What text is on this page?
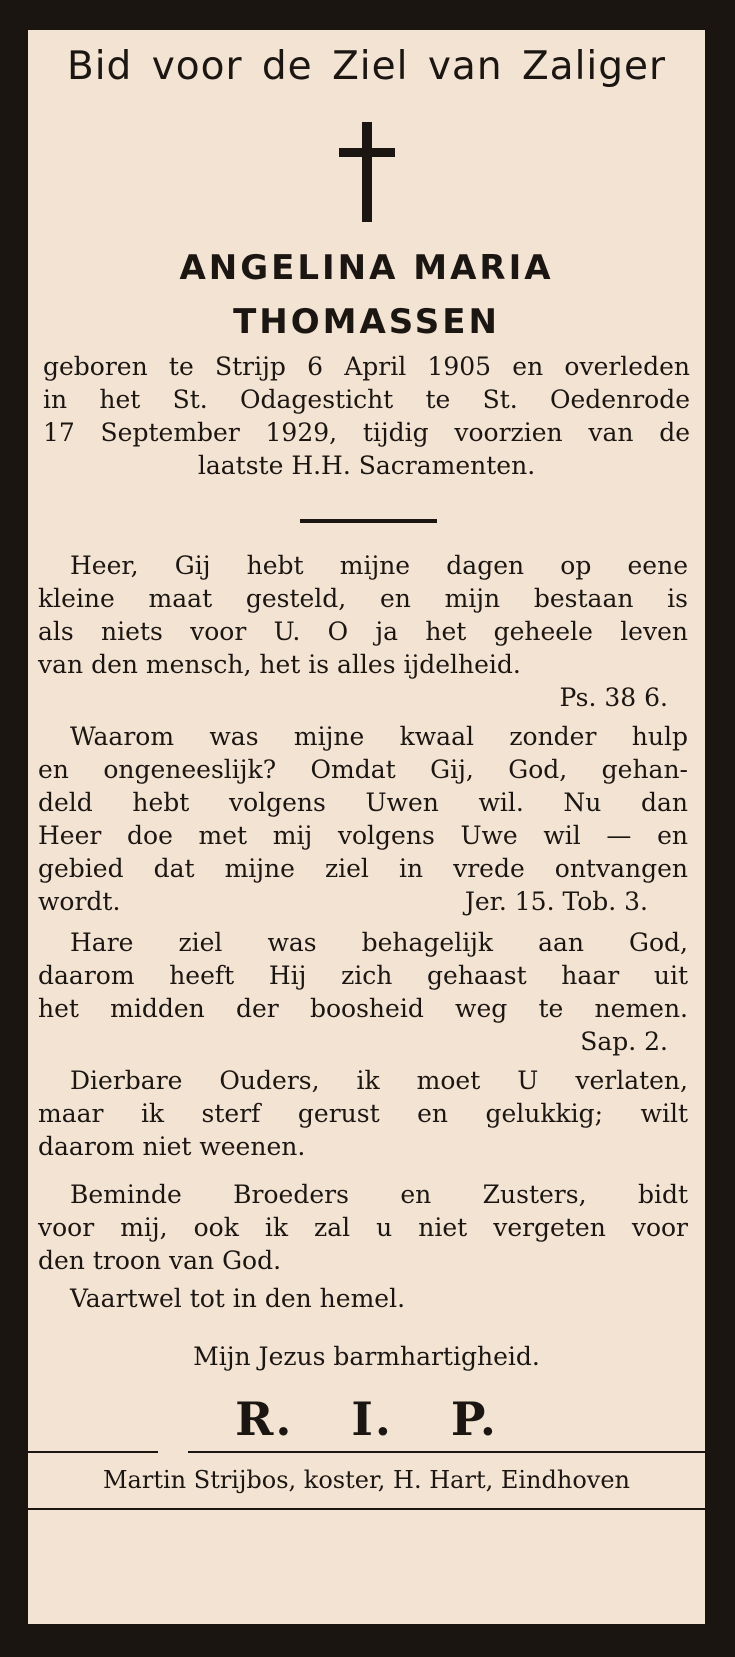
Bid voor de Ziel van Zaliger
ANGELINA MARIA
THOMASSEN
geboren te Strijp 6 April 1905 en overleden
in het St. Odagesticht te St. Oedenrode
17 September 1929, tijdig voorzien van de
laatste H.H. Sacramenten.
Heer, Gij hebt mijne dagen op eene
kleine maat gesteld, en mijn bestaan is
als niets voor U. O ja het geheele leven
van den mensch, het is alles ijdelheid.
Ps. 38 6.
Waarom was mijne kwaal zonder hulp
en ongeneeslijk? Omdat Gij, God, gehan-
deld hebt volgens Uwen wil. Nu dan
Heer doe met mij volgens Uwe wil — en
gebied dat mijne ziel in vrede ontvangen
wordt.	Jer. 15. Tob. 3.
Hare ziel was behagelijk aan God,
daarom heeft Hij zich gehaast haar uit
het midden der boosheid weg te nemen.
Sap. 2.
Dierbare Ouders, ik moet U verlaten,
maar ik sterf gerust en gelukkig; wilt
daarom niet weenen.
Beminde Broeders en Zusters, bidt
voor mij, ook ik zal u niet vergeten voor
den troon van God.
Vaartwel tot in den hemel.
Mijn Jezus barmhartigheid.
R. I. P.
Martin Strijbos, koster, H. Hart, Eindhoven
